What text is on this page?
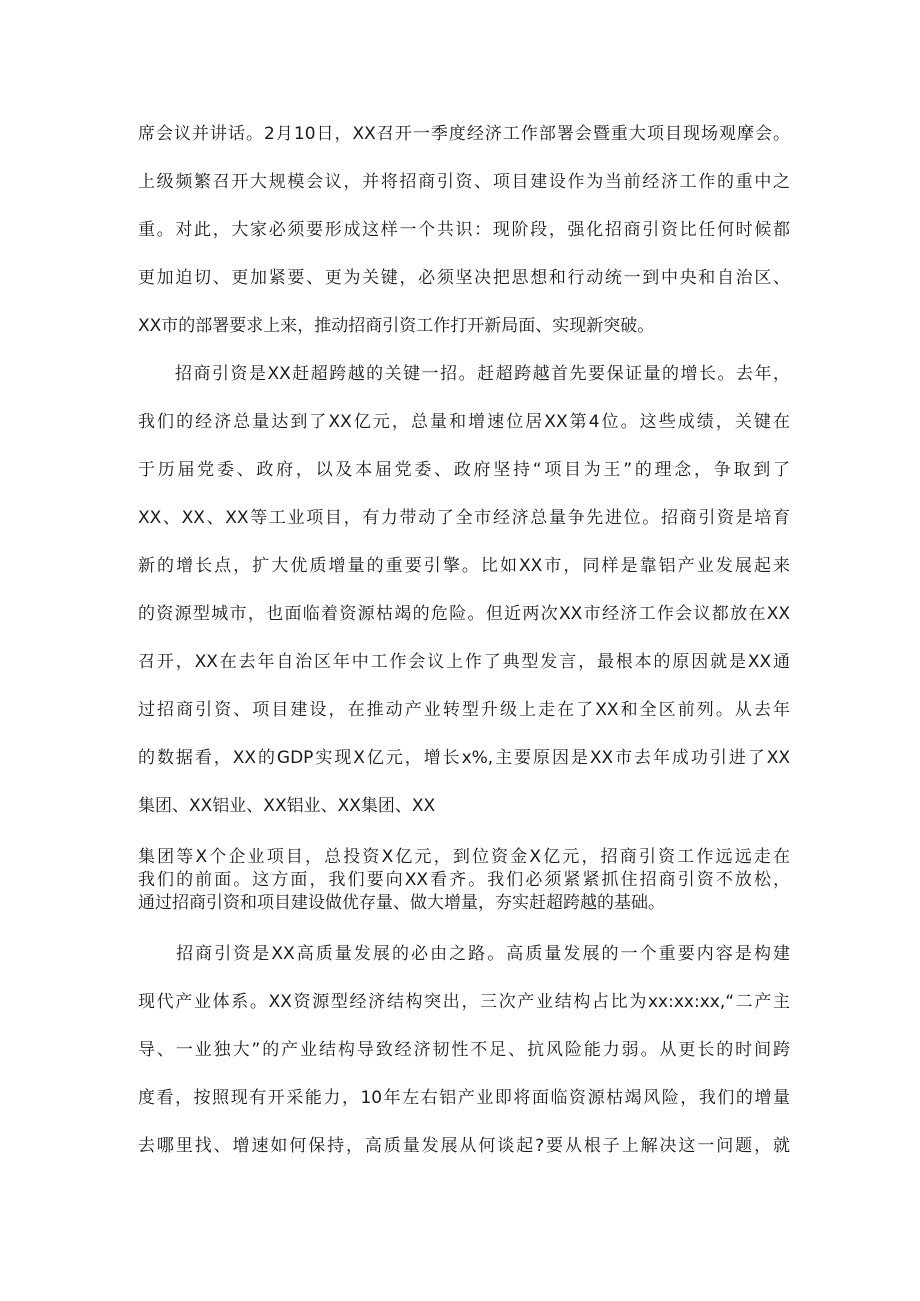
席会议并讲话。2月10日，XX召开一季度经济工作部署会暨重大项目现场观摩会。
上级频繁召开大规模会议，并将招商引资、项目建设作为当前经济工作的重中之
重。对此，大家必须要形成这样一个共识：现阶段，强化招商引资比任何时候都
更加迫切、更加紧要、更为关键，必须坚决把思想和行动统一到中央和自治区、
XX市的部署要求上来，推动招商引资工作打开新局面、实现新突破。

　　招商引资是XX赶超跨越的关键一招。赶超跨越首先要保证量的增长。去年，
我们的经济总量达到了XX亿元，总量和增速位居XX第4位。这些成绩，关键在
于历届党委、政府，以及本届党委、政府坚持“项目为王”的理念，争取到了
XX、XX、XX等工业项目，有力带动了全市经济总量争先进位。招商引资是培育
新的增长点，扩大优质增量的重要引擎。比如XX市，同样是靠铝产业发展起来
的资源型城市，也面临着资源枯竭的危险。但近两次XX市经济工作会议都放在XX
召开，XX在去年自治区年中工作会议上作了典型发言，最根本的原因就是XX通
过招商引资、项目建设，在推动产业转型升级上走在了XX和全区前列。从去年
的数据看，XX的GDP实现X亿元，增长x%,主要原因是XX市去年成功引进了XX
集团、XX铝业、XX铝业、XX集团、XX

集团等X个企业项目，总投资X亿元，到位资金X亿元，招商引资工作远远走在
我们的前面。这方面，我们要向XX看齐。我们必须紧紧抓住招商引资不放松，
通过招商引资和项目建设做优存量、做大增量，夯实赶超跨越的基础。

　　招商引资是XX高质量发展的必由之路。高质量发展的一个重要内容是构建
现代产业体系。XX资源型经济结构突出，三次产业结构占比为xx:xx:xx,“二产主
导、一业独大”的产业结构导致经济韧性不足、抗风险能力弱。从更长的时间跨
度看，按照现有开采能力，10年左右铝产业即将面临资源枯竭风险，我们的增量
去哪里找、增速如何保持，高质量发展从何谈起?要从根子上解决这一问题，就
